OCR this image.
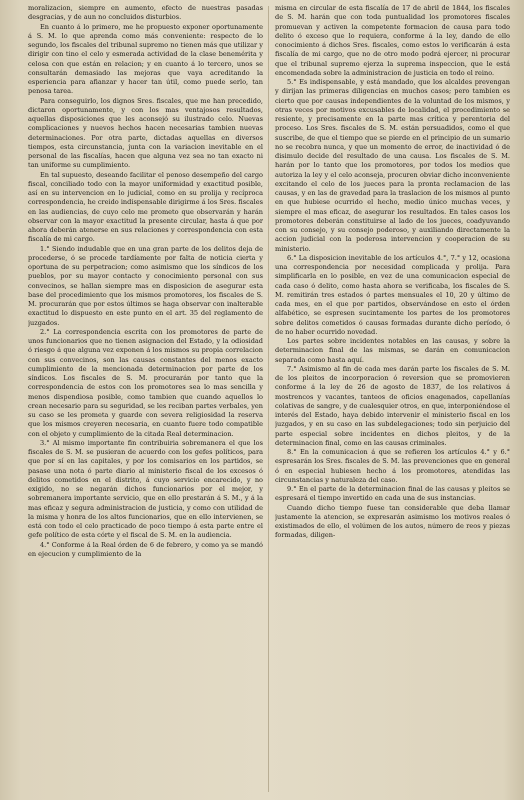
moralizacion, siempre en aumento, efecto de nuestras pasadas desgracias, y de aun no concluidos disturbios.

En cuanto á lo primero, me he propuesto exponer oportunamente á S. M. lo que aprenda como más conveniente: respecto de lo segundo, los fiscales del tribunal supremo no tienen más que utilizar y dirigir con tino el celo y esmerada actividad de la clase benemérita y celosa con que están en relacion; y en cuanto á lo tercero, unos se consultarán demasiado las mejoras que vaya acreditando la esperiencia para afianzar y hacer tan útil, como puede serlo, tan penosa tarea.

Para conseguirlo, los dignos Sres. fiscales, que me han precedido, dictaron oportunamente, y con los mas ventajosos resultados, aquellas disposiciones que les aconsejó su ilustrado celo. Nuevas complicaciones y nuevos hechos hacen necesarias tambien nuevas determinaciones. Por otra parte, dictadas aquellas en diversos tiempos, esta circunstancia, junta con la variacion inevitable en el personal de las fiscalías, hacen que alguna vez sea no tan exacto ni tan uniforme su cumplimiento.

En tal supuesto, deseando facilitar el penoso desempeño del cargo fiscal, conciliado todo con la mayor uniformidad y exactitud posible, así en su intervencion en lo judicial, como en su prolija y recíproca correspondencia, he creido indispensable dirigirme á los Sres. fiscales en las audiencias, de cuyo celo me prometo que observarán y harán observar con la mayor exactitud la presente circular, hasta á que por ahora deberán atenerse en sus relaciones y correspondencia con esta fiscalía de mi cargo.

1.° Siendo indudable que en una gran parte de los delitos deja de procederse, ó se procede tardíamente por falta de noticia cierta y oportuna de su perpetracion; como asimismo que los síndicos de los pueblos, por su mayor contacto y conocimiento personal con sus convecinos, se hallan siempre mas en disposicion de asegurar esta base del procedimiento que los mismos promotores, los fiscales de S. M. procurarán que por estos últimos se haga observar con inalterable exactitud lo dispuesto en este punto en el art. 35 del reglamento de juzgados.

2.° La correspondencia escrita con los promotores de parte de unos funcionarios que no tienen asignacion del Estado, y la odiosidad ó riesgo á que alguna vez exponen á los mismos su propia correlacion con sus convecinos, son las causas constantes del menos exacto cumplimiento de la mencionada determinacion por parte de los síndicos. Los fiscales de S. M. procurarán por tanto que la correspondencia de estos con los promotores sea lo mas sencilla y menos dispendiosa posible, como tambien que cuando aquellos lo crean necesario para su seguridad, se les reciban partes verbales, yen su caso se les prometa y guarde con severa religiosidad la reserva que los mismos creyeren necesaria, en cuanto fuere todo compatible con el objeto y cumplimiento de la citada Real determinacion.

3.° Al mismo importante fin contribuiria sobremanera el que los fiscales de S. M. se pusieran de acuerdo con los gefes políticos, para que por sí en las capitales, y por los comisarios en los partidos, se pasase una nota ó parte diario al ministerio fiscal de los excesos ó delitos cometidos en el distrito, á cuyo servicio encarecido, y no exigido, no se negarán dichos funcionarios por el mejor, y sobremanera importante servicio, que en ello prestarán á S. M., y á la mas eficaz y segura administracion de justicia, y como con utilidad de la misma y honra de los altos funcionarios, que en ello intervienen, se está con todo el celo practicado de poco tiempo á esta parte entre el gefe político de esta córte y el fiscal de S. M. en la audiencia.

4.° Conforme á la Real órden de 6 de febrero, y como ya se mandó en ejecucion y cumplimiento de la

misma en circular de esta fiscalía de 17 de abril de 1844, los fiscales de S. M. harán que con toda puntualidad los promotores fiscales promuevan y activen la competente formacion de causa para todo delito ó exceso que lo requiera, conforme á la ley, dando de ello conocimiento á dichos Sres. fiscales, como estos lo verificarán á esta fiscalía de mi cargo, que no de otro modo podrá ejercer, ni procurar que el tribunal supremo ejerza la suprema inspeccion, que le está encomendada sobre la administracion de justicia en todo el reino.

5.° Es indispensable, y está mandado, que los alcaldes prevengan y dirijan las primeras diligencias en muchos casos; pero tambien es cierto que por causas independientes de la voluntad de los mismos, y otras veces por motivos excusables de localidad, el procedimiento se resiente, y precisamente en la parte mas crítica y perentoria del proceso. Los Sres. fiscales de S. M. están persuadidos, como el que suscribe, de que el tiempo que se pierde en el principio de un sumario no se recobra nunca, y que un momento de error, de inactividad ó de disimulo decide del resultado de una causa. Los fiscales de S. M. harán por lo tanto que los promotores, por todos los medios que autoriza la ley y el celo aconseja, procuren obviar dicho inconveniente excitando el celo de los jueces para la pronta reclamacion de las causas, y en las de gravedad para la traslacion de los mismos al punto en que hubiese ocurrido el hecho, medio único muchas veces, y siempre el mas eficaz, de asegurar los resultados. En tales casos los promotores deberán constituirse al lado de los jueces, coadyuvando con su consejo, y su consejo poderoso, y auxiliando directamente la accion judicial con la poderosa intervencion y cooperacion de su ministerio.

6.° La disposicion inevitable de los artículos 4.°, 7.° y 12, ocasiona una correspondencia por necesidad complicada y prolija. Para simplificarla en lo posible, en vez de una comunicacion especial de cada caso ó delito, como hasta ahora se verificaba, los fiscales de S. M. remitirán tres estados ó partes mensuales el 10, 20 y último de cada mes, en el que por partidos, observándose en esto el órden alfabético, se espresen sucintamente los partes de los promotores sobre delitos cometidos ó causas formadas durante dicho período, ó de no haber ocurrido novedad.

Los partes sobre incidentes notables en las causas, y sobre la determinacion final de las mismas, se darán en comunicacion separada como hasta aquí.

7.° Asimismo al fin de cada mes darán parte los fiscales de S. M. de los pleitos de incorporacion ó reversion que se promovieren conforme á la ley de 26 de agosto de 1837, de los relativos á mostrencos y vacantes, tanteos de oficios enagenados, capellanías colativas de sangre, y de cualesquier otros, en que, interponiéndose el interés del Estado, haya debido intervenir el ministerio fiscal en los juzgados, y en su caso en las subdelegaciones; todo sin perjuicio del parte especial sobre incidentes en dichos pleitos, y de la determinacion final, como en las causas criminales.

8.° En la comunicacion á que se refieren los artículos 4.° y 6.° espresarán los Sres. fiscales de S. M. las prevenciones que en general ó en especial hubiesen hecho á los promotores, atendidas las circunstancias y naturaleza del caso.

9.° En el parte de la determinacion final de las causas y pleitos se espresará el tiempo invertido en cada una de sus instancias.

Cuando dicho tiempo fuese tan considerable que deba llamar justamente la atencion, se expresarán asimismo los motivos reales ó existimados de ello, el volúmen de los autos, número de reos y piezas formadas, diligen-
